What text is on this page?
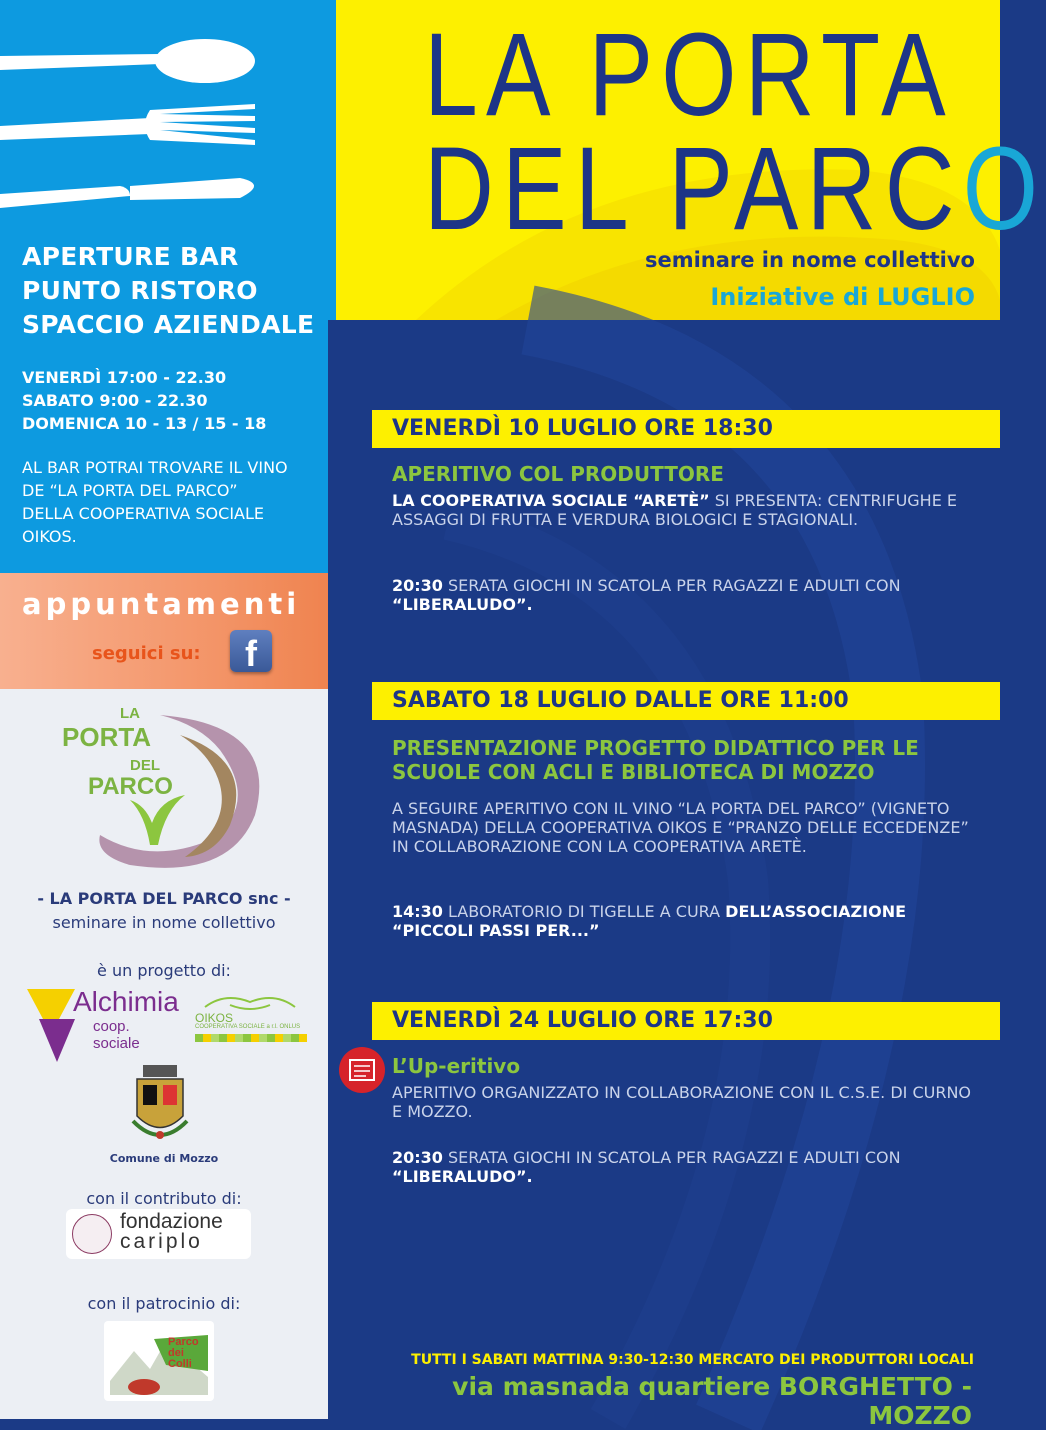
APERTURE BAR
PUNTO RISTORO
SPACCIO AZIENDALE
VENERDÌ 17:00 - 22.30
SABATO 9:00 - 22.30
DOMENICA 10 - 13 / 15 - 18
AL BAR POTRAI TROVARE IL VINO
DE “LA PORTA DEL PARCO”
DELLA COOPERATIVA SOCIALE
OIKOS.
appuntamenti
seguici su:	f
LA
PORTA
DEL
PARCO
- LA PORTA DEL PARCO snc -
seminare in nome collettivo
è un progetto di:
Alchimia
coop. sociale
OIKOS
COOPERATIVA SOCIALE a r.l. ONLUS
Comune di Mozzo
con il contributo di:
fondazione
cariplo
con il patrocinio di:
Parco
dei
Colli
LA PORTA
DEL PARCO
seminare in nome collettivo
Iniziative di LUGLIO
VENERDÌ 10 LUGLIO ORE 18:30
APERITIVO COL PRODUTTORE
LA COOPERATIVA SOCIALE “ARETÈ” SI PRESENTA: CENTRIFUGHE E ASSAGGI DI FRUTTA E VERDURA BIOLOGICI E STAGIONALI.
20:30 SERATA GIOCHI IN SCATOLA PER RAGAZZI E ADULTI CON “LIBERALUDO”.
SABATO 18 LUGLIO DALLE ORE 11:00
PRESENTAZIONE PROGETTO DIDATTICO PER LE SCUOLE CON ACLI E BIBLIOTECA DI MOZZO
A SEGUIRE APERITIVO CON IL VINO “LA PORTA DEL PARCO” (VIGNETO MASNADA) DELLA COOPERATIVA OIKOS E “PRANZO DELLE ECCEDENZE” IN COLLABORAZIONE CON LA COOPERATIVA ARETÈ.
14:30 LABORATORIO DI TIGELLE A CURA DELL’ASSOCIAZIONE “PICCOLI PASSI PER...”
VENERDÌ 24 LUGLIO ORE 17:30
L’Up-eritivo
APERITIVO ORGANIZZATO IN COLLABORAZIONE CON IL C.S.E. DI CURNO E MOZZO.
20:30 SERATA GIOCHI IN SCATOLA PER RAGAZZI E ADULTI CON “LIBERALUDO”.
TUTTI I SABATI MATTINA 9:30-12:30 MERCATO DEI PRODUTTORI LOCALI
via masnada quartiere BORGHETTO - MOZZO
